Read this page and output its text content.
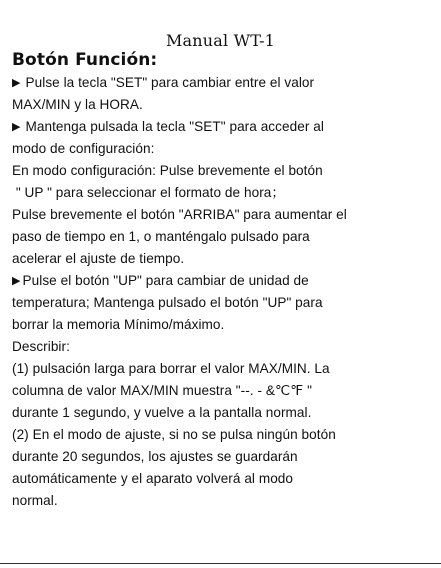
Manual WT-1
Botón Función:
▶ Pulse la tecla "SET" para cambiar entre el valor
MAX/MIN y la HORA.
▶ Mantenga pulsada la tecla "SET" para acceder al
modo de configuración:
En modo configuración: Pulse brevemente el botón
" UP " para seleccionar el formato de hora；
Pulse brevemente el botón "ARRIBA" para aumentar el
paso de tiempo en 1, o manténgalo pulsado para
acelerar el ajuste de tiempo.
▶ Pulse el botón "UP" para cambiar de unidad de
temperatura; Mantenga pulsado el botón "UP" para
borrar la memoria Mínimo/máximo.
Describir:
(1) pulsación larga para borrar el valor MAX/MIN. La
columna de valor MAX/MIN muestra "--. - &℃℉ "
durante 1 segundo, y vuelve a la pantalla normal.
(2) En el modo de ajuste, si no se pulsa ningún botón
durante 20 segundos, los ajustes se guardarán
automáticamente y el aparato volverá al modo
normal.
